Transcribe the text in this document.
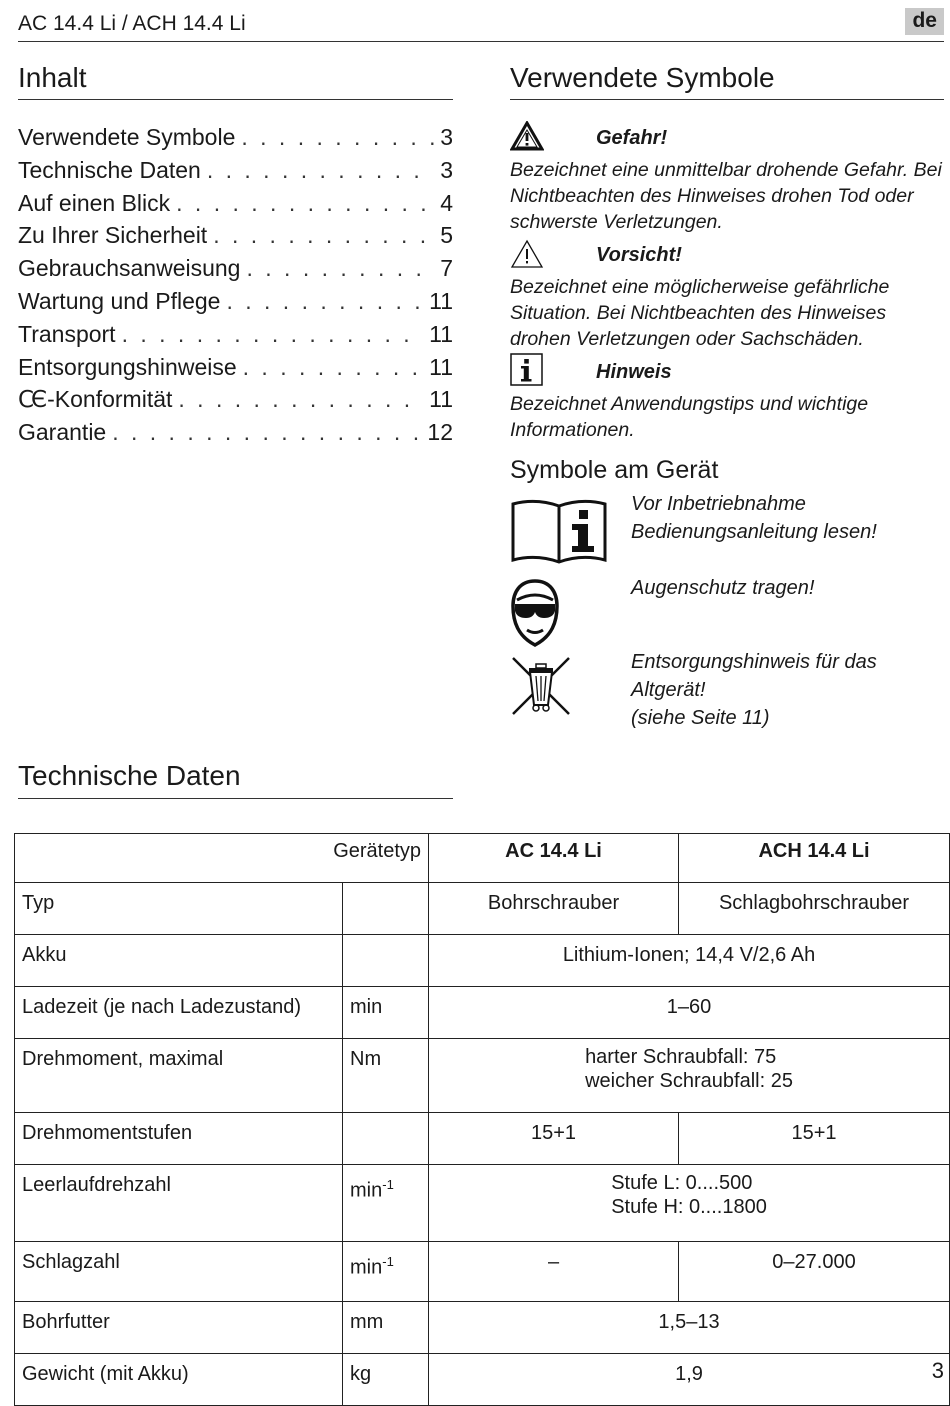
AC 14.4 Li / ACH 14.4 Li	de
Inhalt
Verwendete Symbole . . .	3
Technische Daten . . .	3
Auf einen Blick . . .	4
Zu Ihrer Sicherheit . . .	5
Gebrauchsanweisung . . .	7
Wartung und Pflege . . .	11
Transport . . .	11
Entsorgungshinweise . . .	11
ϹЄ -Konformität . . .	11
Garantie . . .	12
Verwendete Symbole
Gefahr!
Bezeichnet eine unmittelbar drohende Gefahr. Bei Nichtbeachten des Hinweises drohen Tod oder schwerste Verletzungen.
Vorsicht!
Bezeichnet eine möglicherweise gefährliche Situation. Bei Nichtbeachten des Hinweises drohen Verletzungen oder Sachschäden.
Hinweis
Bezeichnet Anwendungstips und wichtige Informationen.
Symbole am Gerät
Vor Inbetriebnahme
Bedienungsanleitung lesen!
Augenschutz tragen!
Entsorgungshinweis für das
Altgerät!
(siehe Seite 11)
Technische Daten
Gerätetyp		AC 14.4 Li	ACH 14.4 Li
Typ		Bohrschrauber	Schlagbohrschrauber
Akku		Lithium-Ionen; 14,4 V/2,6 Ah	
Ladezeit (je nach Ladezustand)	min	1–60	
Drehmoment, maximal	Nm	harter Schraubfall: 75
weicher Schraubfall: 25	

Drehmomentstufen		15+1	15+1
Leerlaufdrehzahl	$\min^{-1}$	Stufe L: 0....500
Stufe H: 0....1800	

Schlagzahl	$\min^{-1}$	–	0–27.000
Bohrfutter	mm	1,5–13	
Gewicht (mit Akku)	kg	1,9		3
